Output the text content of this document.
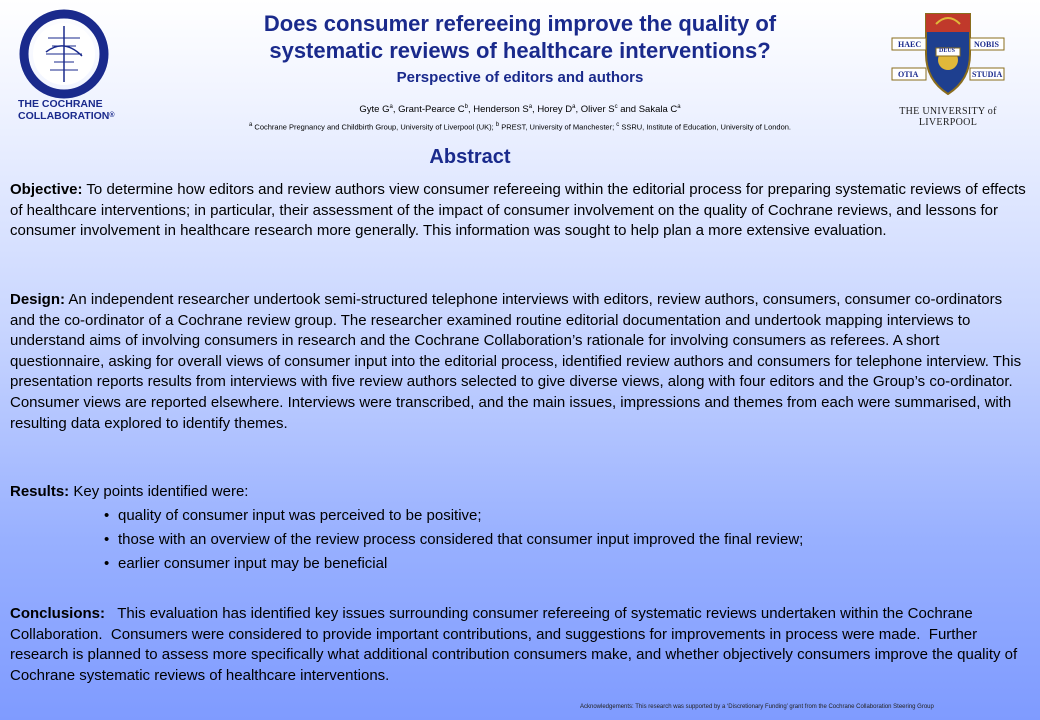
THE COCHRANE
COLLABORATION®
HAEC	NOBIS
DEUS
OTIA	STUDIA
THE UNIVERSITY of LIVERPOOL
Does consumer refereeing improve the quality of
systematic reviews of healthcare interventions?
Perspective of editors and authors
Gyte $G^a$, Grant-Pearce $C^b$, Henderson $S^a$, Horey $D^a$, Oliver $S^c$ and Sakala $C^a$
$^a$ Cochrane Pregnancy and Childbirth Group, University of Liverpool (UK); $^b$ PREST, University of Manchester; $^c$ SSRU, Institute of Education, University of London.
Abstract

Objective: To determine how editors and review authors view consumer refereeing within the editorial process for preparing systematic reviews of effects of healthcare interventions; in particular, their assessment of the impact of consumer involvement on the quality of Cochrane reviews, and lessons for consumer involvement in healthcare research more generally. This information was sought to help plan a more extensive evaluation.

Design: An independent researcher undertook semi-structured telephone interviews with editors, review authors, consumers, consumer co-ordinators and the co-ordinator of a Cochrane review group. The researcher examined routine editorial documentation and undertook mapping interviews to understand aims of involving consumers in research and the Cochrane Collaboration’s rationale for involving consumers as referees. A short questionnaire, asking for overall views of consumer input into the editorial process, identified review authors and consumers for telephone interview. This presentation reports results from interviews with five review authors selected to give diverse views, along with four editors and the Group’s co-ordinator. Consumer views are reported elsewhere. Interviews were transcribed, and the main issues, impressions and themes from each were summarised, with resulting data explored to identify themes.

Results: Key points identified were:

• quality of consumer input was perceived to be positive;
• those with an overview of the review process considered that consumer input improved the final review;
• earlier consumer input may be beneficial

Conclusions:   This evaluation has identified key issues surrounding consumer refereeing of systematic reviews undertaken within the Cochrane Collaboration.  Consumers were considered to provide important contributions, and suggestions for improvements in process were made.  Further research is planned to assess more specifically what additional contribution consumers make, and whether objectively consumers improve the quality of Cochrane systematic reviews of healthcare interventions.

Acknowledgements: This research was supported by a ‘Discretionary Funding’ grant from the Cochrane Collaboration Steering Group
